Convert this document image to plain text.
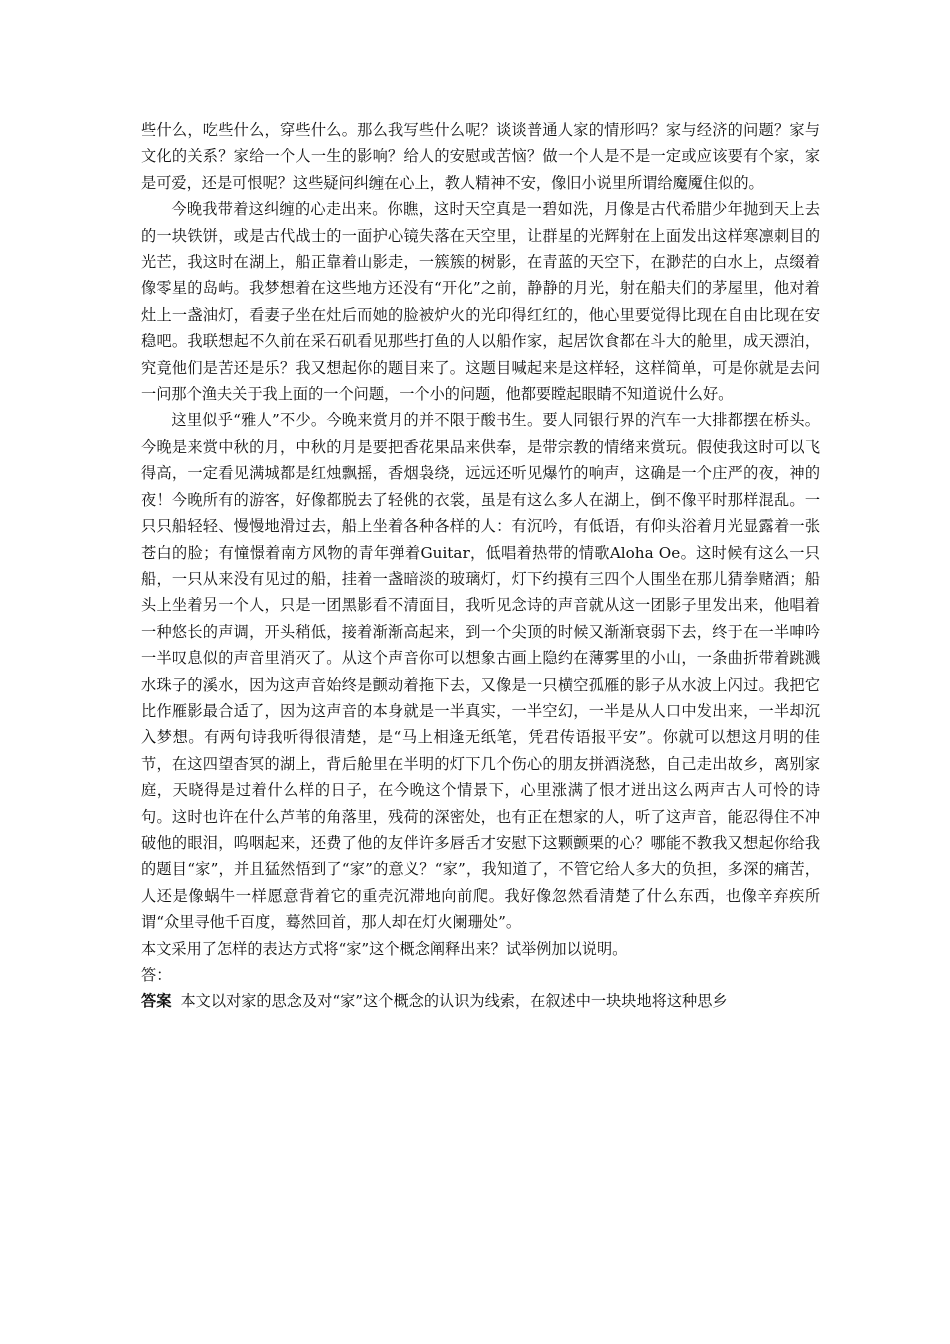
些什么，吃些什么，穿些什么。那么我写些什么呢？谈谈普通人家的情形吗？家与经济的问题？家与文化的关系？家给一个人一生的影响？给人的安慰或苦恼？做一个人是不是一定或应该要有个家，家是可爱，还是可恨呢？这些疑问纠缠在心上，教人精神不安，像旧小说里所谓给魔魇住似的。

今晚我带着这纠缠的心走出来。你瞧，这时天空真是一碧如洗，月像是古代希腊少年抛到天上去的一块铁饼，或是古代战士的一面护心镜失落在天空里，让群星的光辉射在上面发出这样寒凛刺目的光芒，我这时在湖上，船正靠着山影走，一簇簇的树影，在青蓝的天空下，在渺茫的白水上，点缀着像零星的岛屿。我梦想着在这些地方还没有“开化”之前，静静的月光，射在船夫们的茅屋里，他对着灶上一盏油灯，看妻子坐在灶后而她的脸被炉火的光印得红红的，他心里要觉得比现在自由比现在安稳吧。我联想起不久前在采石矶看见那些打鱼的人以船作家，起居饮食都在斗大的舱里，成天漂泊，究竟他们是苦还是乐？我又想起你的题目来了。这题目喊起来是这样轻，这样简单，可是你就是去问一问那个渔夫关于我上面的一个问题，一个小的问题，他都要瞠起眼睛不知道说什么好。

这里似乎“雅人”不少。今晚来赏月的并不限于酸书生。要人同银行界的汽车一大排都摆在桥头。今晚是来赏中秋的月，中秋的月是要把香花果品来供奉，是带宗教的情绪来赏玩。假使我这时可以飞得高，一定看见满城都是红烛飘摇，香烟袅绕，远远还听见爆竹的响声，这确是一个庄严的夜，神的夜！今晚所有的游客，好像都脱去了轻佻的衣裳，虽是有这么多人在湖上，倒不像平时那样混乱。一只只船轻轻、慢慢地滑过去，船上坐着各种各样的人：有沉吟，有低语，有仰头浴着月光显露着一张苍白的脸；有憧憬着南方风物的青年弹着Guitar，低唱着热带的情歌Aloha Oe。这时候有这么一只船，一只从来没有见过的船，挂着一盏暗淡的玻璃灯，灯下约摸有三四个人围坐在那儿猜拳赌酒；船头上坐着另一个人，只是一团黑影看不清面目，我听见念诗的声音就从这一团影子里发出来，他唱着一种悠长的声调，开头稍低，接着渐渐高起来，到一个尖顶的时候又渐渐衰弱下去，终于在一半呻吟一半叹息似的声音里消灭了。从这个声音你可以想象古画上隐约在薄雾里的小山，一条曲折带着跳溅水珠子的溪水，因为这声音始终是颤动着拖下去，又像是一只横空孤雁的影子从水波上闪过。我把它比作雁影最合适了，因为这声音的本身就是一半真实，一半空幻，一半是从人口中发出来，一半却沉入梦想。有两句诗我听得很清楚，是“马上相逢无纸笔，凭君传语报平安”。你就可以想这月明的佳节，在这四望杳冥的湖上，背后舱里在半明的灯下几个伤心的朋友拼酒浇愁，自己走出故乡，离别家庭，天晓得是过着什么样的日子，在今晚这个情景下，心里涨满了恨才迸出这么两声古人可怜的诗句。这时也许在什么芦苇的角落里，残荷的深密处，也有正在想家的人，听了这声音，能忍得住不冲破他的眼泪，呜咽起来，还费了他的友伴许多唇舌才安慰下这颗颤栗的心？哪能不教我又想起你给我的题目“家”，并且猛然悟到了“家”的意义？“家”，我知道了，不管它给人多大的负担，多深的痛苦，人还是像蜗牛一样愿意背着它的重壳沉滞地向前爬。我好像忽然看清楚了什么东西，也像辛弃疾所谓“众里寻他千百度，蓦然回首，那人却在灯火阑珊处”。

本文采用了怎样的表达方式将“家”这个概念阐释出来？试举例加以说明。

答：

答案 本文以对家的思念及对“家”这个概念的认识为线索，在叙述中一块块地将这种思乡
